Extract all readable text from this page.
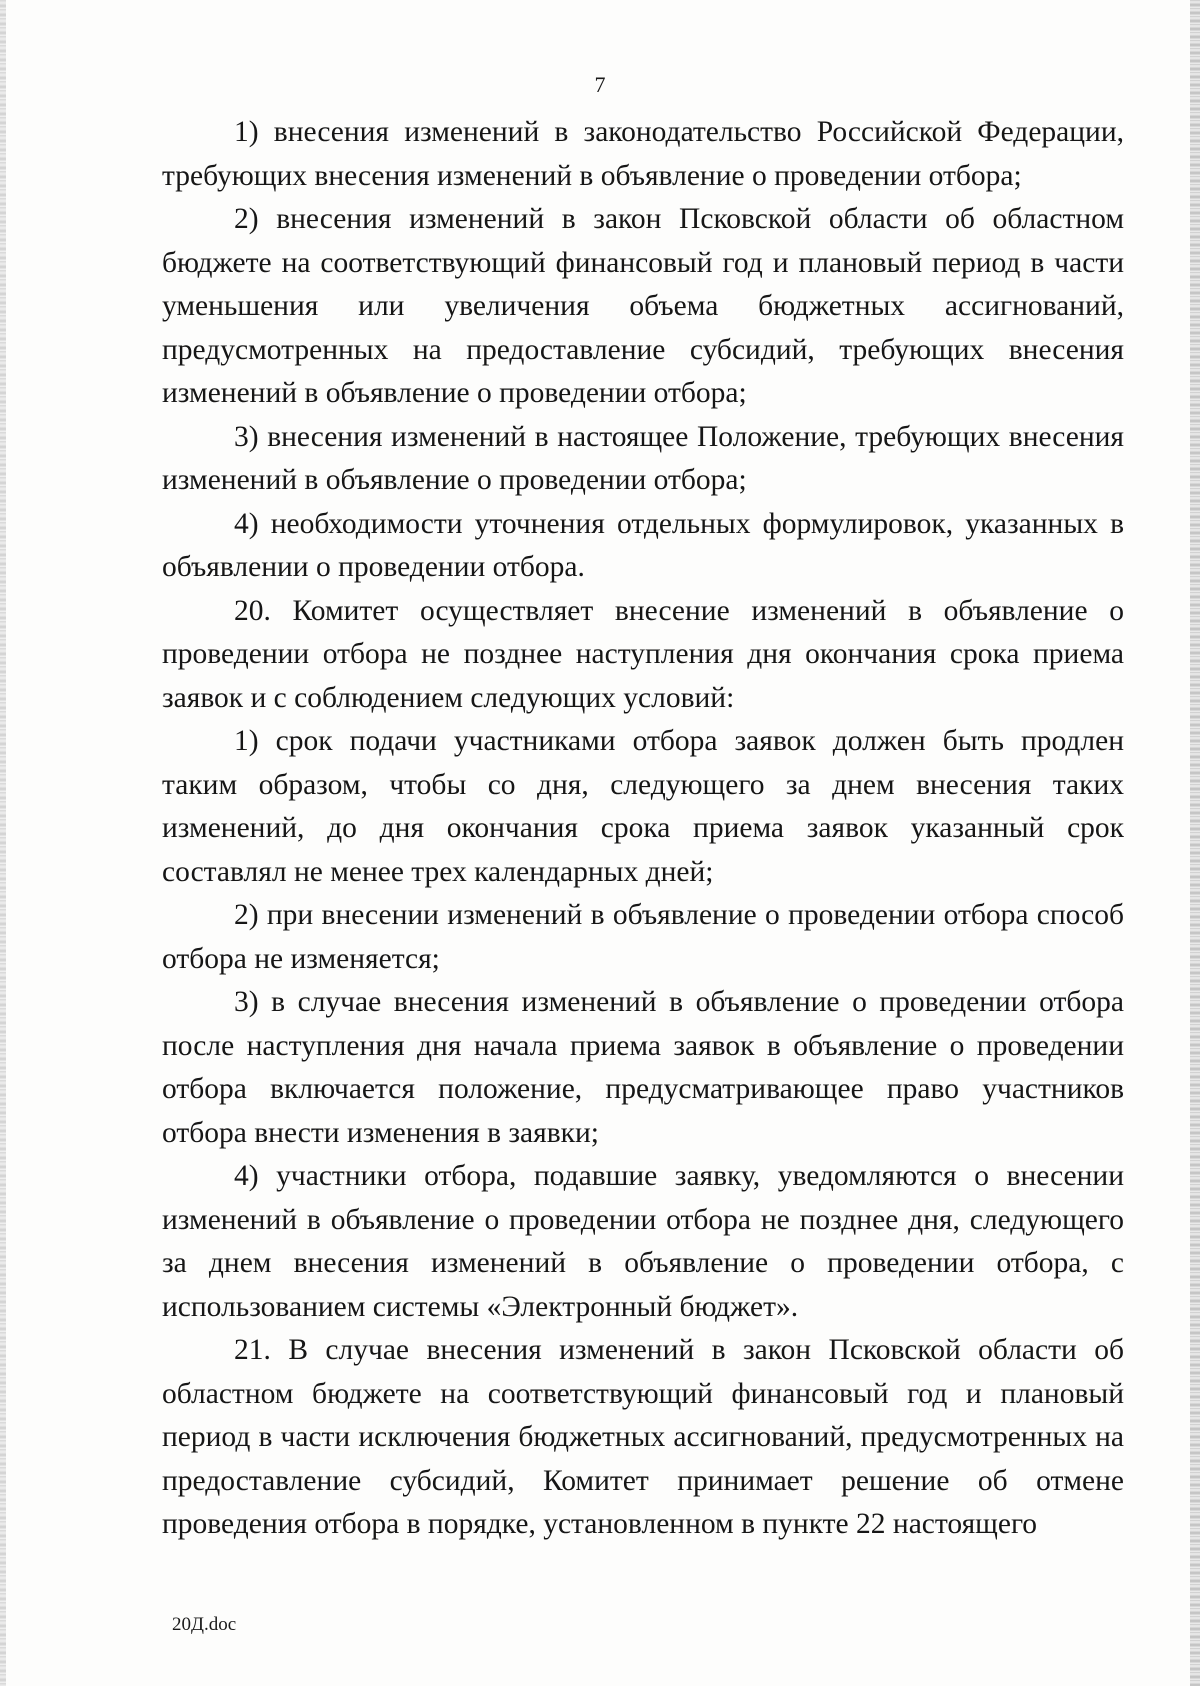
7

1) внесения изменений в законодательство Российской Федерации, требующих внесения изменений в объявление о проведении отбора;

2) внесения изменений в закон Псковской области об областном бюджете на соответствующий финансовый год и плановый период в части уменьшения или увеличения объема бюджетных ассигнований, предусмотренных на предоставление субсидий, требующих внесения изменений в объявление о проведении отбора;

3) внесения изменений в настоящее Положение, требующих внесения изменений в объявление о проведении отбора;

4) необходимости уточнения отдельных формулировок, указанных в объявлении о проведении отбора.

20. Комитет осуществляет внесение изменений в объявление о проведении отбора не позднее наступления дня окончания срока приема заявок и с соблюдением следующих условий:

1) срок подачи участниками отбора заявок должен быть продлен таким образом, чтобы со дня, следующего за днем внесения таких изменений, до дня окончания срока приема заявок указанный срок составлял не менее трех календарных дней;

2) при внесении изменений в объявление о проведении отбора способ отбора не изменяется;

3) в случае внесения изменений в объявление о проведении отбора после наступления дня начала приема заявок в объявление о проведении отбора включается положение, предусматривающее право участников отбора внести изменения в заявки;

4) участники отбора, подавшие заявку, уведомляются о внесении изменений в объявление о проведении отбора не позднее дня, следующего за днем внесения изменений в объявление о проведении отбора, с использованием системы «Электронный бюджет».

21. В случае внесения изменений в закон Псковской области об областном бюджете на соответствующий финансовый год и плановый период в части исключения бюджетных ассигнований, предусмотренных на предоставление субсидий, Комитет принимает решение об отмене проведения отбора в порядке, установленном в пункте 22 настоящего

20Д.doc
